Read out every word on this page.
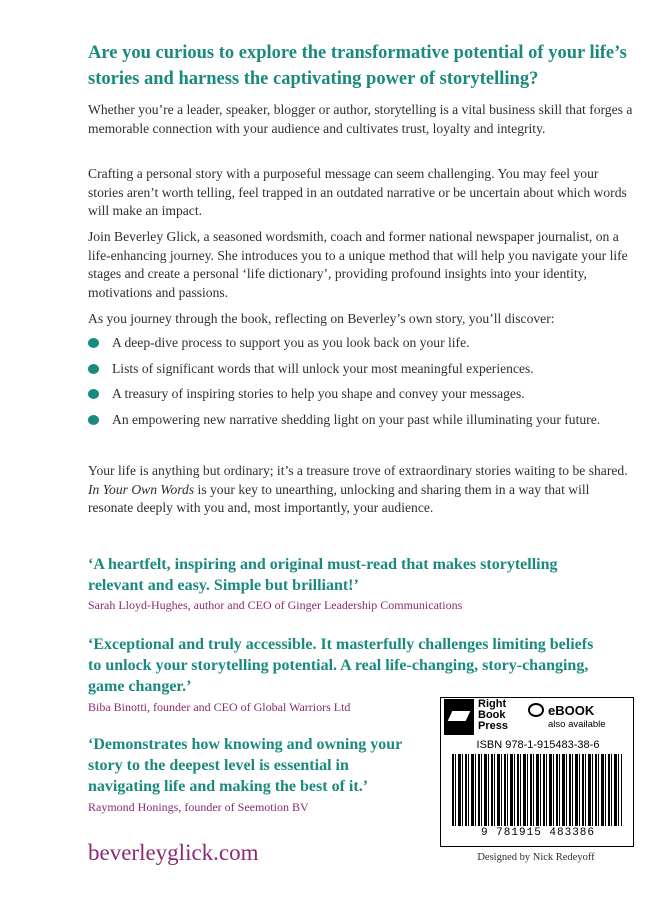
Are you curious to explore the transformative potential of your life’s stories and harness the captivating power of storytelling?

Whether you’re a leader, speaker, blogger or author, storytelling is a vital business skill that forges a memorable connection with your audience and cultivates trust, loyalty and integrity.

Crafting a personal story with a purposeful message can seem challenging. You may feel your stories aren’t worth telling, feel trapped in an outdated narrative or be uncertain about which words will make an impact.

Join Beverley Glick, a seasoned wordsmith, coach and former national newspaper journalist, on a life-enhancing journey. She introduces you to a unique method that will help you navigate your life stages and create a personal ‘life dictionary’, providing profound insights into your identity, motivations and passions.

As you journey through the book, reflecting on Beverley’s own story, you’ll discover:

A deep-dive process to support you as you look back on your life.
Lists of significant words that will unlock your most meaningful experiences.
A treasury of inspiring stories to help you shape and convey your messages.
An empowering new narrative shedding light on your past while illuminating your future.

Your life is anything but ordinary; it’s a treasure trove of extraordinary stories waiting to be shared. In Your Own Words is your key to unearthing, unlocking and sharing them in a way that will resonate deeply with you and, most importantly, your audience.

‘A heartfelt, inspiring and original must-read that makes storytelling relevant and easy. Simple but brilliant!’

Sarah Lloyd-Hughes, author and CEO of Ginger Leadership Communications

‘Exceptional and truly accessible. It masterfully challenges limiting beliefs to unlock your storytelling potential. A real life-changing, story-changing, game changer.’

Biba Binotti, founder and CEO of Global Warriors Ltd

‘Demonstrates how knowing and owning your story to the deepest level is essential in navigating life and making the best of it.’

Raymond Honings, founder of Seemotion BV

beverleyglick.com

Right Book Press
eBOOK
also available
ISBN 978-1-915483-38-6
9 781915 483386
Designed by Nick Redeyoff
